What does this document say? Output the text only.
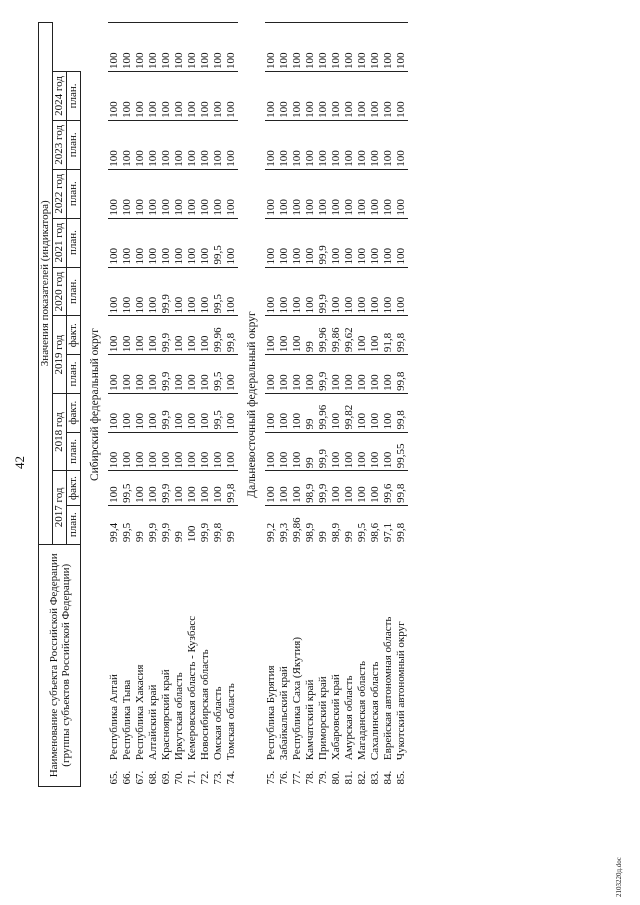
42
Наименование субъекта Российской Федерации (группы субъектов Российской Федерации)		Значения показателей (индикатора)											
		2017 год		2018 год		2019 год		2020 год	2021 год	2022 год	2023 год	2024 год	
		план.	факт.	план.	факт.	план.	факт.	план.	план.	план.	план.	план.	
Сибирский федеральный округ													
65.	Республика Алтай	99,4	100	100	100	100	100	100	100	100	100	100	100
66.	Республика Тыва	99,5	99,5	100	100	100	100	100	100	100	100	100	100
67.	Республика Хакасия	99	100	100	100	100	100	100	100	100	100	100	100
68.	Алтайский край	99,9	100	100	100	100	100	100	100	100	100	100	100
69.	Красноярский край	99,9	99,9	100	99,9	99,9	99,9	99,9	100	100	100	100	100
70.	Иркутская область	99	100	100	100	100	100	100	100	100	100	100	100
71.	Кемеровская область - Кузбасс	100	100	100	100	100	100	100	100	100	100	100	100
72.	Новосибирская область	99,9	100	100	100	100	100	100	100	100	100	100	100
73.	Омская область	99,8	100	100	99,5	99,5	99,96	99,5	99,5	100	100	100	100
74.	Томская область	99	99,8	100	100	100	99,8	100	100	100	100	100	100
Дальневосточный федеральный округ													
75.	Республика Бурятия	99,2	100	100	100	100	100	100	100	100	100	100	100
76.	Забайкальский край	99,3	100	100	100	100	100	100	100	100	100	100	100
77.	Республика Саха (Якутия)	99,86	100	100	100	100	100	100	100	100	100	100	100
78.	Камчатский край	98,9	98,9	99	99	100	99	100	100	100	100	100	100
79.	Приморский край	99	99,9	99,9	99,96	99,9	99,96	99,9	99,9	100	100	100	100
80.	Хабаровский край	98,9	100	100	100	100	99,86	100	100	100	100	100	100
81.	Амурская область	99	100	100	99,82	100	99,62	100	100	100	100	100	100
82.	Магаданская область	99,5	100	100	100	100	100	100	100	100	100	100	100
83.	Сахалинская область	98,6	100	100	100	100	100	100	100	100	100	100	100
84.	Еврейская автономная область	97,1	99,6	100	100	100	91,8	100	100	100	100	100	100
85.	Чукотский автономный округ	99,8	99,8	99,55	99,8	99,8	99,8	100	100	100	100	100	100
2103220д.doc
